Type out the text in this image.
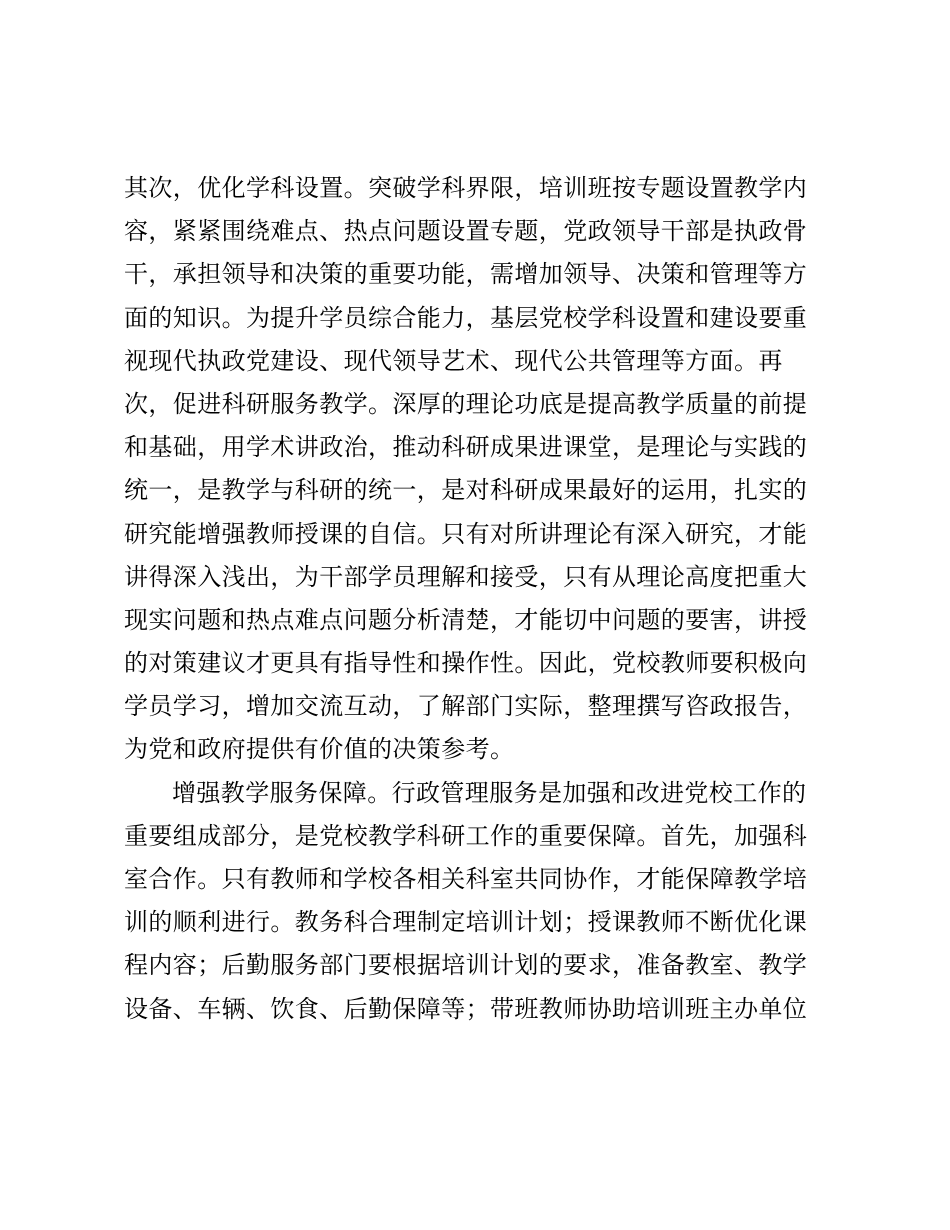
其次，优化学科设置。突破学科界限，培训班按专题设置教学内
容，紧紧围绕难点、热点问题设置专题，党政领导干部是执政骨
干，承担领导和决策的重要功能，需增加领导、决策和管理等方
面的知识。为提升学员综合能力，基层党校学科设置和建设要重
视现代执政党建设、现代领导艺术、现代公共管理等方面。再
次，促进科研服务教学。深厚的理论功底是提高教学质量的前提
和基础，用学术讲政治，推动科研成果进课堂，是理论与实践的
统一，是教学与科研的统一，是对科研成果最好的运用，扎实的
研究能增强教师授课的自信。只有对所讲理论有深入研究，才能
讲得深入浅出，为干部学员理解和接受，只有从理论高度把重大
现实问题和热点难点问题分析清楚，才能切中问题的要害，讲授
的对策建议才更具有指导性和操作性。因此，党校教师要积极向
学员学习，增加交流互动，了解部门实际，整理撰写咨政报告，
为党和政府提供有价值的决策参考。
增强教学服务保障。行政管理服务是加强和改进党校工作的
重要组成部分，是党校教学科研工作的重要保障。首先，加强科
室合作。只有教师和学校各相关科室共同协作，才能保障教学培
训的顺利进行。教务科合理制定培训计划；授课教师不断优化课
程内容；后勤服务部门要根据培训计划的要求，准备教室、教学
设备、车辆、饮食、后勤保障等；带班教师协助培训班主办单位
